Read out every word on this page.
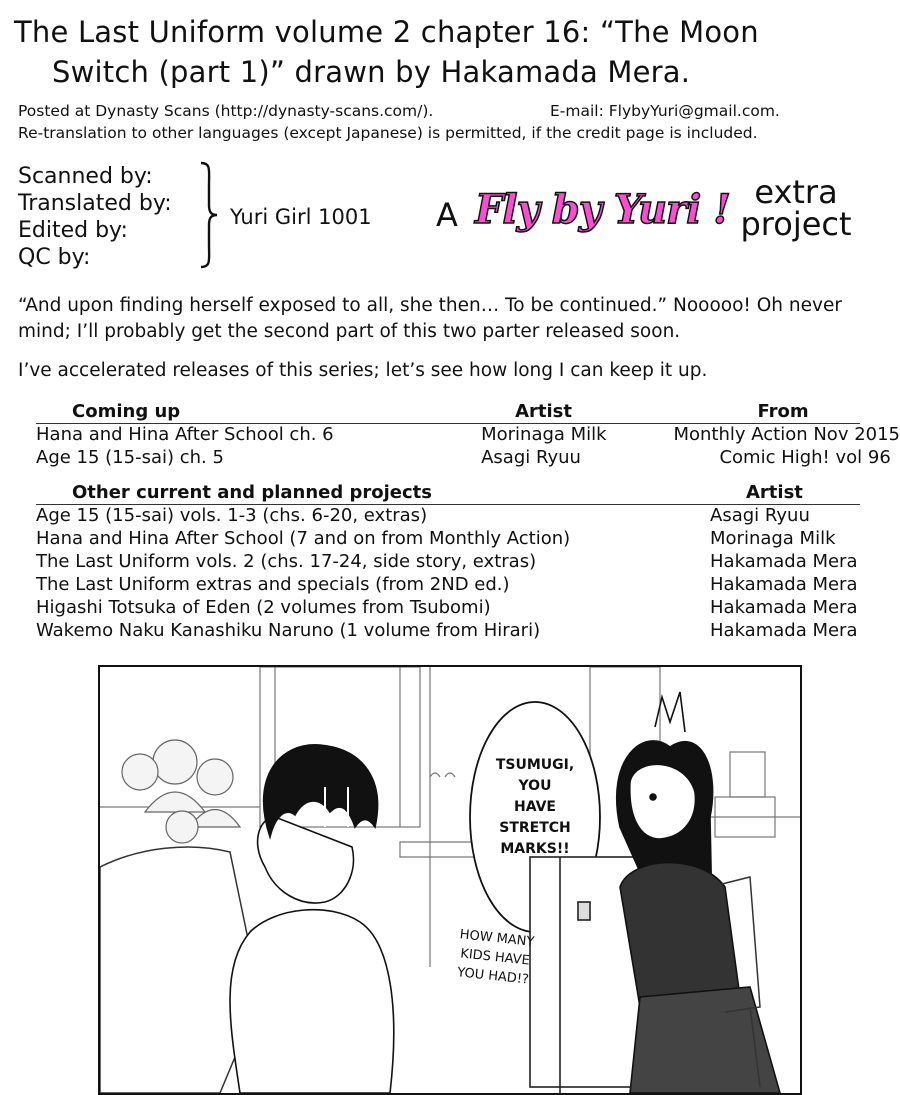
The Last Uniform volume 2 chapter 16: “The Moon
Switch (part 1)” drawn by Hakamada Mera.
Posted at Dynasty Scans (http://dynasty-scans.com/).	E-mail: FlybyYuri@gmail.com.
Re-translation to other languages (except Japanese) is permitted, if the credit page is included.
Scanned by:
Translated by:
Edited by:
QC by:
Yuri Girl 1001 A Fly by Yuri ! extra
project
“And upon finding herself exposed to all, she then… To be continued.” Nooooo! Oh never mind; I’ll probably get the second part of this two parter released soon.
I’ve accelerated releases of this series; let’s see how long I can keep it up.
Coming up	Artist	From
Hana and Hina After School ch. 6	Morinaga Milk	Monthly Action Nov 2015
Age 15 (15-sai) ch. 5	Asagi Ryuu	Comic High! vol 96
Other current and planned projects	Artist
Age 15 (15-sai) vols. 1-3 (chs. 6-20, extras)	Asagi Ryuu
Hana and Hina After School (7 and on from Monthly Action)	Morinaga Milk
The Last Uniform vols. 2 (chs. 17-24, side story, extras)	Hakamada Mera
The Last Uniform extras and specials (from 2ND ed.)	Hakamada Mera
Higashi Totsuka of Eden (2 volumes from Tsubomi)	Hakamada Mera
Wakemo Naku Kanashiku Naruno (1 volume from Hirari)	Hakamada Mera
TSUMUGI,
YOU
HAVE
STRETCH
MARKS!!
HOW MANY
KIDS HAVE
YOU HAD!?
